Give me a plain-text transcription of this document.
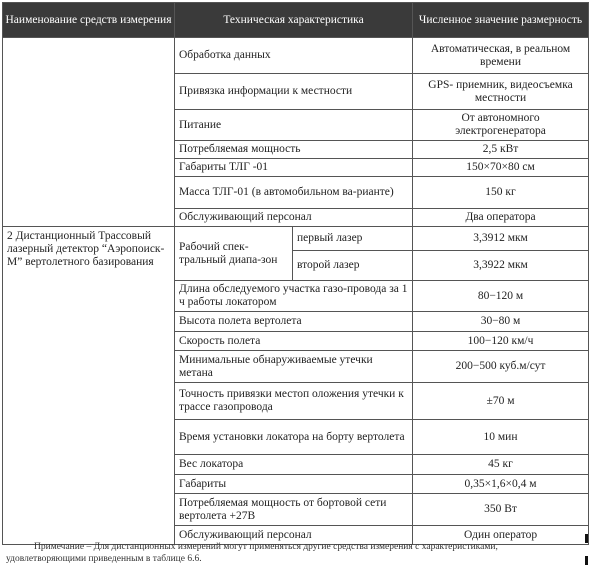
Наименование средств измерения	Техническая характеристика		Численное значение размерность
	Обработка данных		Автоматическая, в реальном времени
	Привязка информации к местности		GPS- приемник, видеосъемка местности
	Питание		От автономного электрогенератора
	Потребляемая мощность		2,5 кВт
	Габариты ТЛГ -01		150×70×80 см
	Масса ТЛГ-01 (в автомобильном ва-рианте)		150 кг
	Обслуживающий персонал		Два оператора
2 Дистанционный Трассовый лазерный детектор “Аэропоиск-М” вертолетного базирования	Рабочий спек-тральный диапа-зон	первый лазер	3,3912 мкм
		второй лазер	3,3922 мкм
	Длина обследуемого участка газо-провода за 1 ч работы локатором		80−120 м
	Высота полета вертолета		30−80 м
	Скорость полета		100−120 км/ч
	Минимальные обнаруживаемые утечки метана		200−500 куб.м/сут
	Точность привязки местоп оложения утечки к трассе газопровода		±70 м
	Время установки локатора на борту вертолета		10 мин
	Вес локатора		45 кг
	Габариты		0,35×1,6×0,4 м
	Потребляемая мощность от бортовой сети вертолета +27В		350 Вт
	Обслуживающий персонал		Один оператор
Примечание – Для дистанционных измерений могут применяться другие средства измерения с характеристиками, удовлетворяющими приведенным в таблице 6.6.
